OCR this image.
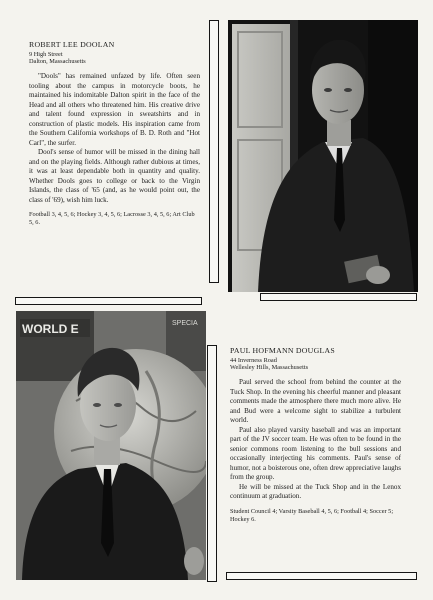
ROBERT LEE DOOLAN
9 High Street
Dalton, Massachusetts

"Dools" has remained unfazed by life. Often seen tooling about the campus in motorcycle boots, he maintained his indomitable Dalton spirit in the face of the Head and all others who threatened him. His creative drive and talent found expression in sweatshirts and in construction of plastic models. His inspiration came from the Southern California workshops of B. D. Roth and "Hot Carl", the surfer.

Dool's sense of humor will be missed in the dining hall and on the playing fields. Although rather dubious at times, it was at least dependable both in quantity and quality. Whether Dools goes to college or back to the Virgin Islands, the class of '65 (and, as he would point out, the class of '69), wish him luck.

Football 3, 4, 5, 6; Hockey 3, 4, 5, 6; Lacrosse 3, 4, 5, 6; Art Club 5, 6.

WORLD E	SPECIA
PAUL HOFMANN DOUGLAS
44 Inverness Road
Wellesley Hills, Massachusetts

Paul served the school from behind the counter at the Tuck Shop. In the evening his cheerful manner and pleasant comments made the atmosphere there much more alive. He and Bud were a welcome sight to stabilize a turbulent world.

Paul also played varsity baseball and was an important part of the JV soccer team. He was often to be found in the senior commons room listening to the bull sessions and occasionally interjecting his comments. Paul's sense of humor, not a boisterous one, often drew appreciative laughs from the group.

He will be missed at the Tuck Shop and in the Lenox continuum at graduation.

Student Council 4; Varsity Baseball 4, 5, 6; Football 4; Soccer 5; Hockey 6.
